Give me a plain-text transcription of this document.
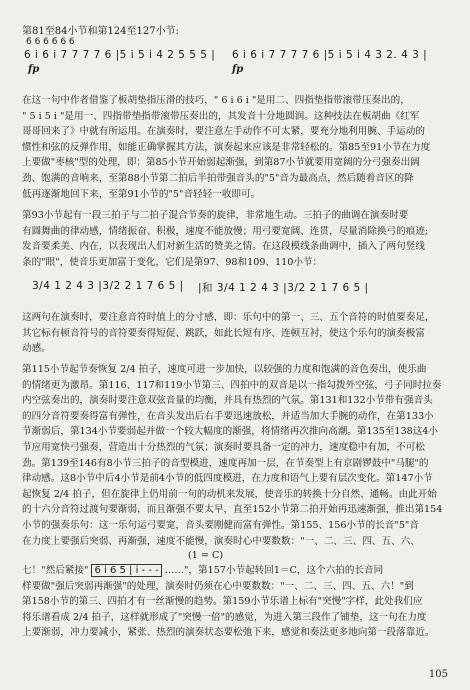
第81至84小节和第124至127小节:
6̄ 6 6 6̄ 6 6
6 i 6 i 7 7 7 7 6 |5 i 5 i 4 2 5 5 5 | 6 i 6 i 7 7 7 7 6 |5 i 5 i 4 3 2. 4 3 |
fp	fp
在这一句中作者借鉴了板胡垫指压滑的技巧，" 6 i 6 i "是用二、四指垫指带滚带压奏出的，
" 5 i 5 i "是用一、四指带垫指带滚带压奏出的，其发音十分地圆润。这种技法在板胡曲《红军
哥哥回来了》中就有所运用。在演奏时，要注意左手动作不可太紧，要充分地利用腕、手运动的
惯性和弦的反弹作用，如能正确掌握其方法，演奏起来应该是非常轻松的。第85至91小节在力度
上要做"枣核"型的处理，即：第85小节开始弱起渐强，到第87小节就要用宽阔的分弓强奏出阔
劲、饱满的音响来，至第88小节第二拍后半拍带强音头的"5"音为最高点，然后随着音区的降
低再逐渐地回下来，至第91小节的"5"音轻轻一收即可。
第93小节起有一段三拍子与二拍子混合节奏的旋律，非常地生动。三拍子的曲调在演奏时要
有圆舞曲的律动感，情绪振奋、积极，速度不能放慢；用弓要宽阔、连贯，尽量消除换弓的痕迹;
发音要柔美、内在，以表现出人们对新生活的赞美之情。在这段模线条曲调中，插入了两句竖线
条的"眼"，使音乐更加富于变化，它们是第97、98和109、110小节：
3/4 1 2 4 3 |3/2 2 1 7 6 5 | |和 3/4 1 2 4 3 |3/2 2 1 7 6 5 |
这两句在演奏时，要注意音符时值上的分寸感，即：乐句中的第一、三、五个音符的时值要奏足，
其它标有顿音符号的音符要奏得短促、跳跃，如此长短有序、连顿互衬，使这个乐句的演奏极富
动感。
第115小节起节奏恢复 2/4 拍子，速度可进一步加快，以较强的力度和饱满的音色奏出，使乐曲
的情绪更为激昂。第116、117和119小节第三、四拍中的双音是以一指勾拨外空弦，弓子同时拉奏
内空弦奏出的，演奏时要注意双弦音量的均衡，并具有热烈的气氛。第131和132小节带有强音头
的四分音符要奏得富有弹性，在音头发出后右手要迅速放松，并适当加大手腕的动作，在第133小
节渐弱后，第134小节要弱起并做一个较大幅度的渐强，将情绪再次推向高潮。第135至138这4小
节应用宽快弓强奏，营造出十分热烈的气氛；演奏时要具备一定的冲力，速度稳中有加，不可松
劲。第139至146有8小节三拍子的音型模进，速度再加一层，在节奏型上有京剧锣鼓中"马腿"的
律动感。这8小节中后4小节是前4小节的低四度模进，在力度和语气上要有层次变化。第147小节
起恢复 2/4 拍子，但在旋律上仍用前一句的动机来发展，使音乐的转换十分自然、通畅。由此开始
的十六分音符过渡句要渐弱，而且渐强不要太早，直至152小节第二拍开始再迅速渐强，推出第154
小节的强奏乐句：这一乐句运弓要宽，音头要刚健而富有弹性。第155、156小节的长音"5"音
在力度上要强后突弱、再渐强，速度不能慢，演奏时心中要数数："一、二、三、四、五、六、
(1 = C)
七！"然后紧接" 6 i 6 5 | i - - - ……"，第157小节起转回1＝C，这个六拍的长音同
样要做"强后突弱再渐强"的处理，演奏时仍须在心中要数数："一、二、三、四、五、六！"到
第158小节的第三、四拍才有一丝渐慢的趋势。第159小节乐谱上标有"突慢"字样，此处我们应
将乐谱看成 2/4 拍子，这样就形成了"突慢一倍"的感觉，为进入第三段作了铺垫，这一句在力度
上要渐弱，冲力要减小，紧张、热烈的演奏状态要松弛下来，感觉和奏法更多地向第一段落靠近。
105
